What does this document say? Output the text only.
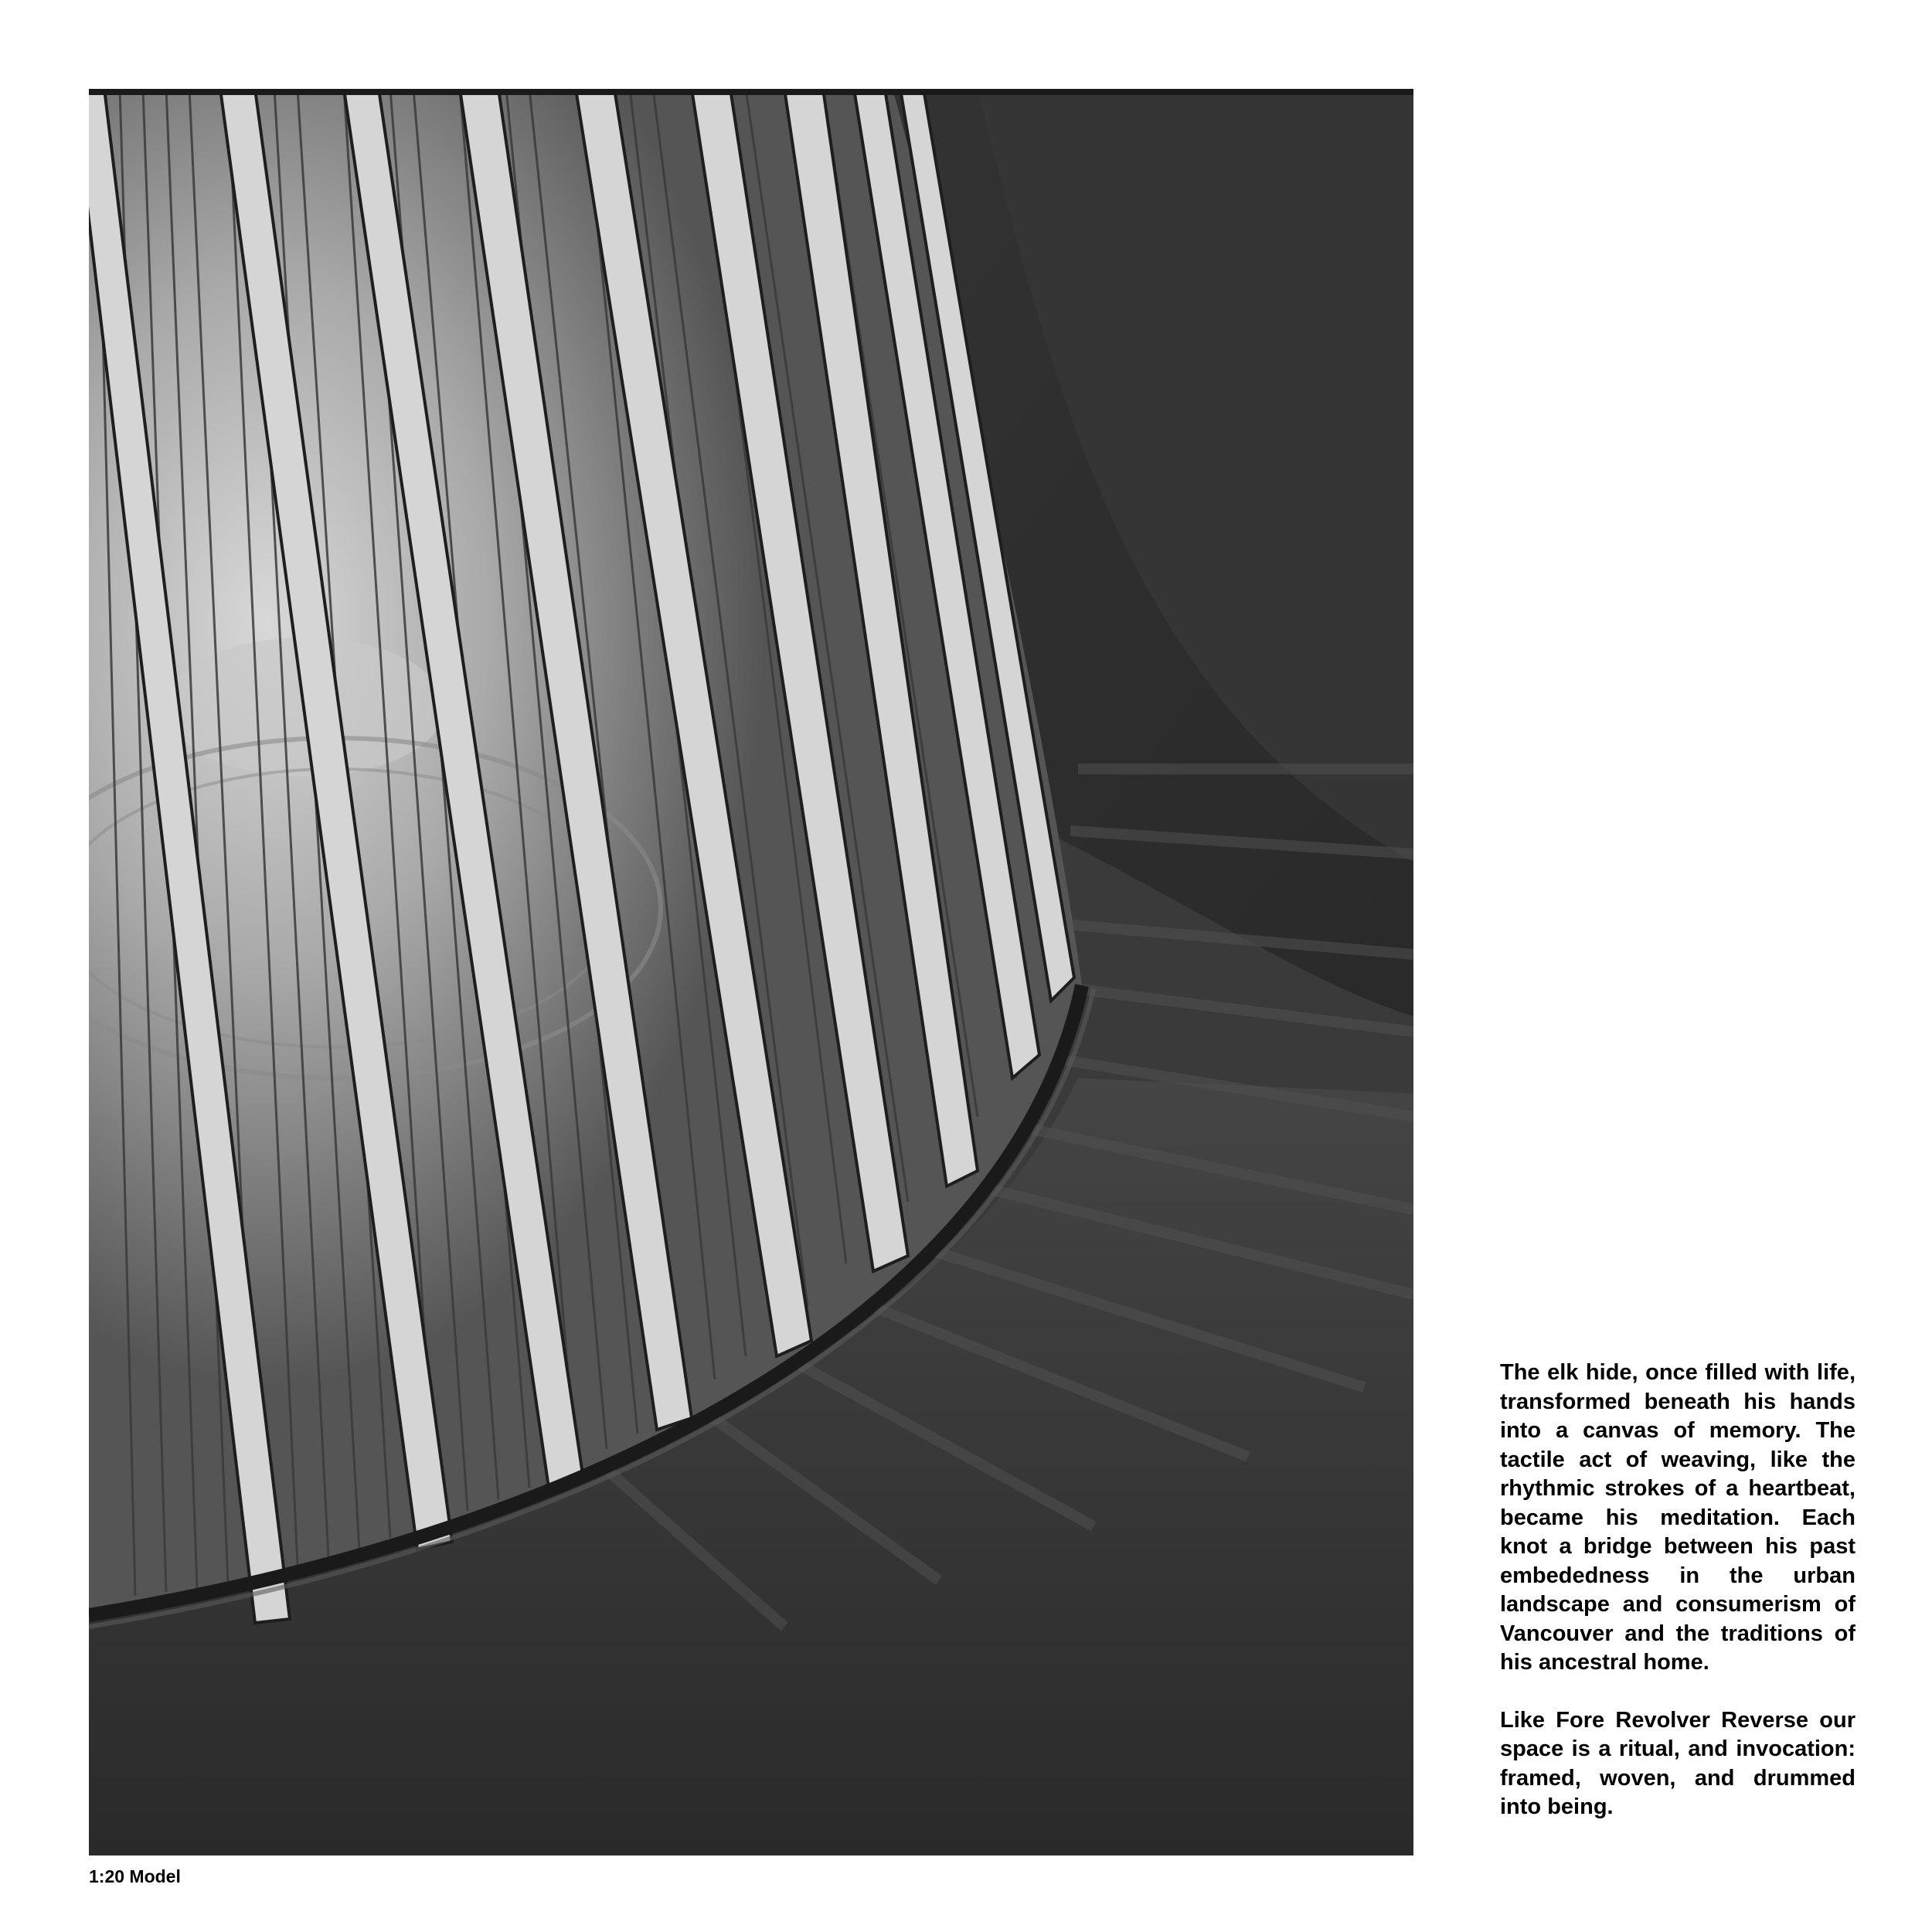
1:20 Model

The elk hide, once filled with life, transformed beneath his hands into a canvas of memory. The tactile act of weaving, like the rhythmic strokes of a heartbeat, became his meditation. Each knot a bridge between his past embededness in the urban landscape and consumerism of Vancouver and the traditions of his ancestral home.

Like Fore Revolver Reverse our space is a ritual, and invocation: framed, woven, and drummed into being.
